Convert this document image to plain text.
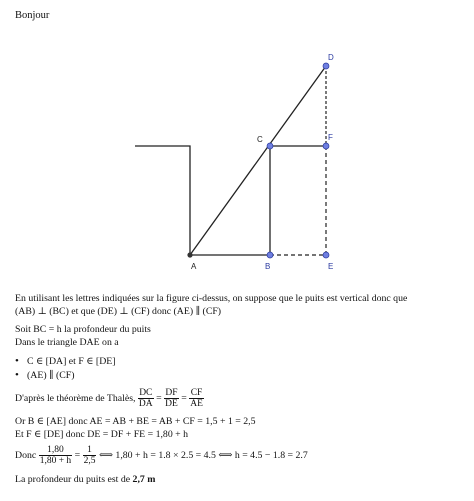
Bonjour
A	B
C
D
E
F
En utilisant les lettres indiquées sur la figure ci-dessus, on suppose que le puits est vertical donc que
(AB) ⊥ (BC) et que (DE) ⊥ (CF) donc (AE) ∥ (CF)
Soit BC = h la profondeur du puits
Dans le triangle DAE on a
• C ∈ [DA] et F ∈ [DE]
• (AE) ∥ (CF)
D'après le théorème de Thalès, $\frac{DC}{DA} = \frac{DF}{DE} = \frac{CF}{AE}$
Or B ∈ [AE] donc AE = AB + BE = AB + CF = 1,5 + 1 = 2,5
Et F ∈ [DE] donc DE = DF + FE = 1,80 + h
Donc $\frac{1,80}{1,80 + h} = \frac{1}{2,5}$ ⟺ 1,80 + h = 1.8 × 2.5 = 4.5 ⟺ h = 4.5 − 1.8 = 2.7
La profondeur du puits est de 2,7 m
